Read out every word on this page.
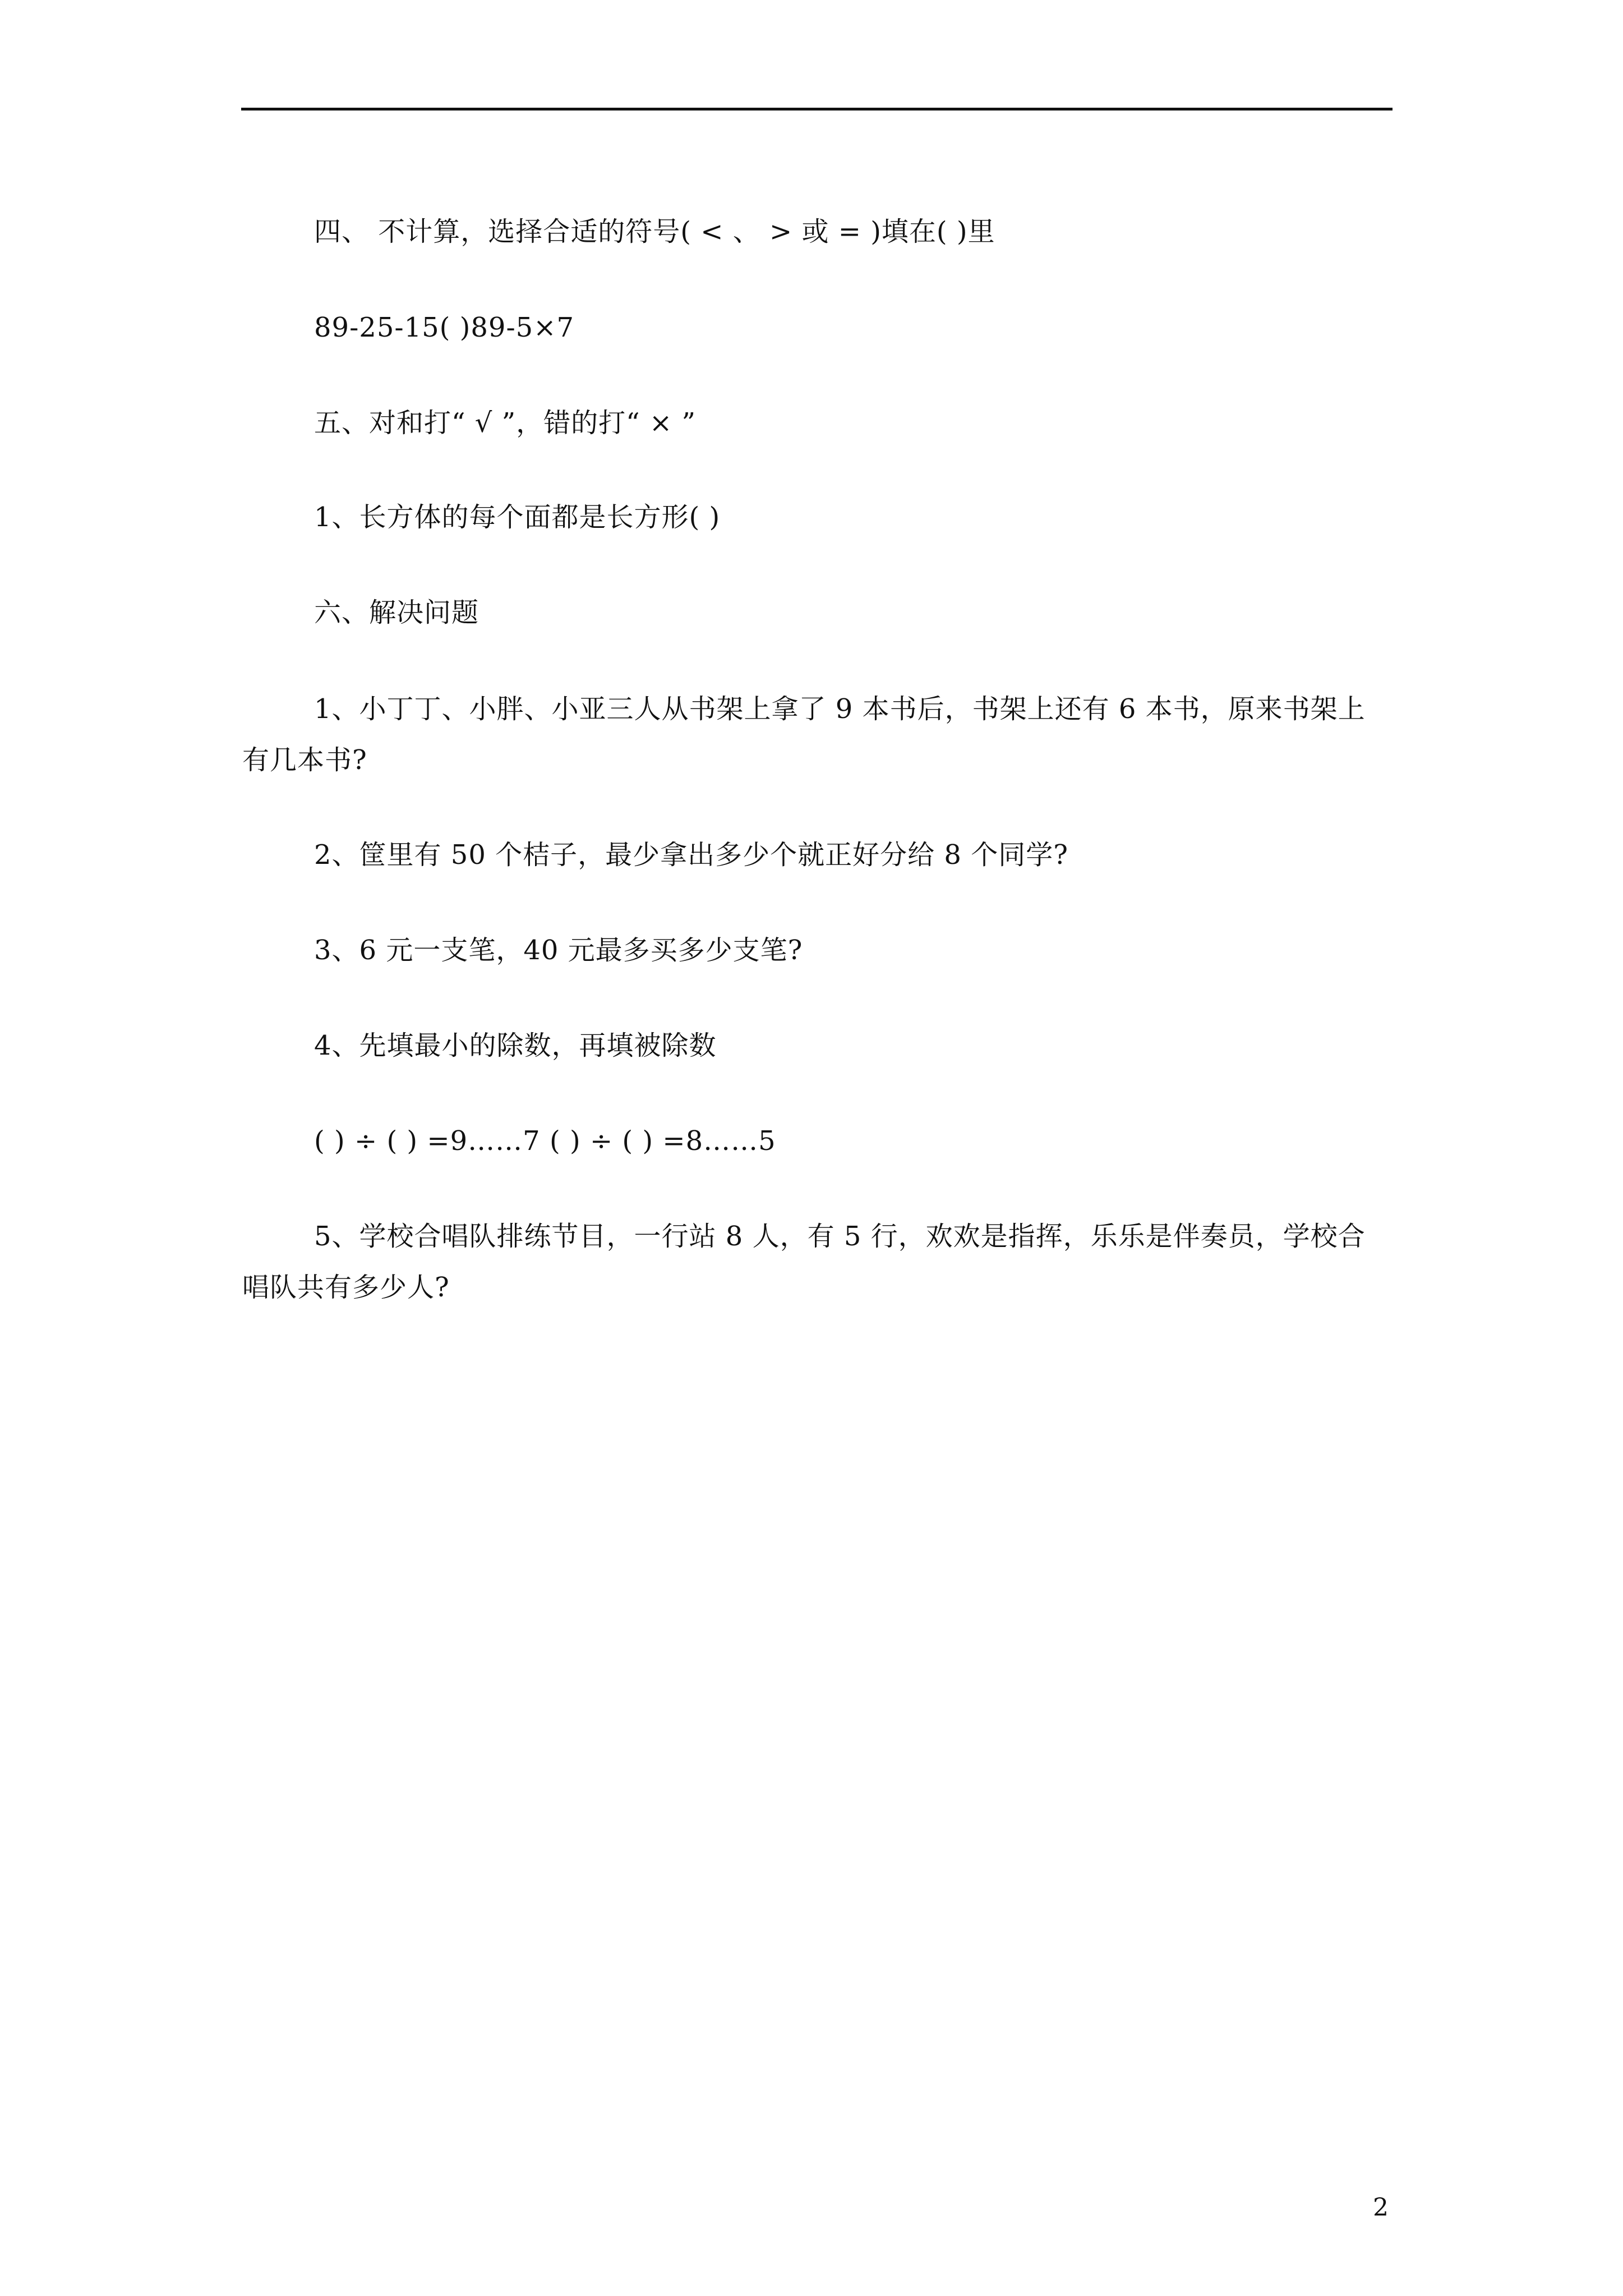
四、 不计算，选择合适的符号( < 、 > 或 = )填在( )里

89-25-15( )89-5×7

五、对和打“ √ ”，错的打“ × ”

1、长方体的每个面都是长方形( )

六、解决问题

1、小丁丁、小胖、小亚三人从书架上拿了 9 本书后，书架上还有 6 本书，原来书架上

有几本书?

2、筐里有 50 个桔子，最少拿出多少个就正好分给 8 个同学?

3、6 元一支笔，40 元最多买多少支笔?

4、先填最小的除数，再填被除数

( ) ÷ ( ) =9……7 ( ) ÷ ( ) =8……5

5、学校合唱队排练节目，一行站 8 人，有 5 行，欢欢是指挥，乐乐是伴奏员，学校合

唱队共有多少人?

2
